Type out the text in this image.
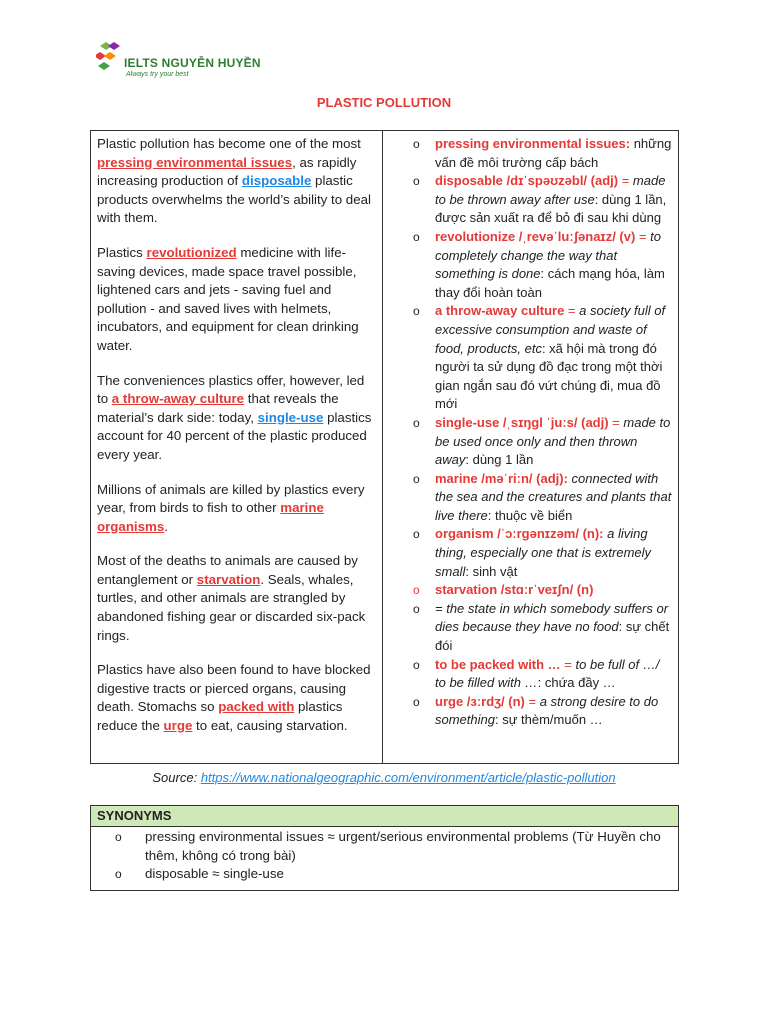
IELTS NGUYỄN HUYỀN
Always try your best
PLASTIC POLLUTION

Plastic pollution has become one of the most pressing environmental issues, as rapidly increasing production of disposable plastic products overwhelms the world’s ability to deal with them.

Plastics revolutionized medicine with life-saving devices, made space travel possible, lightened cars and jets - saving fuel and pollution - and saved lives with helmets, incubators, and equipment for clean drinking water.

The conveniences plastics offer, however, led to a throw-away culture that reveals the material’s dark side: today, single-use plastics account for 40 percent of the plastic produced every year.

Millions of animals are killed by plastics every year, from birds to fish to other marine organisms.

Most of the deaths to animals are caused by entanglement or starvation. Seals, whales, turtles, and other animals are strangled by abandoned fishing gear or discarded six-pack rings.

Plastics have also been found to have blocked digestive tracts or pierced organs, causing death. Stomachs so packed with plastics reduce the urge to eat, causing starvation.

o pressing environmental issues: những vấn đề môi trường cấp bách
o disposable /dɪˈspəʊzəbl/ (adj) = made to be thrown away after use: dùng 1 lần, được sản xuất ra để bỏ đi sau khi dùng
o revolutionize /ˌrevəˈluːʃənaɪz/ (v) = to completely change the way that something is done: cách mạng hóa, làm thay đổi hoàn toàn
o a throw-away culture = a society full of excessive consumption and waste of food, products, etc: xã hội mà trong đó người ta sử dụng đồ đạc trong một thời gian ngắn sau đó vứt chúng đi, mua đồ mới
o single-use /ˌsɪŋɡl ˈjuːs/ (adj) = made to be used once only and then thrown away: dùng 1 lần
o marine /məˈriːn/ (adj): connected with the sea and the creatures and plants that live there: thuộc về biển
o organism /ˈɔːrɡənɪzəm/ (n): a living thing, especially one that is extremely small: sinh vật
o starvation /stɑːrˈveɪʃn/ (n)
o = the state in which somebody suffers or dies because they have no food: sự chết đói
o to be packed with … = to be full of …/ to be filled with …: chứa đầy …
o urge /ɜːrdʒ/ (n) = a strong desire to do something: sự thèm/muốn …
Source: https://www.nationalgeographic.com/environment/article/plastic-pollution
SYNONYMS
o pressing environmental issues ≈ urgent/serious environmental problems (Từ Huyền cho thêm, không có trong bài)
o disposable ≈ single-use
